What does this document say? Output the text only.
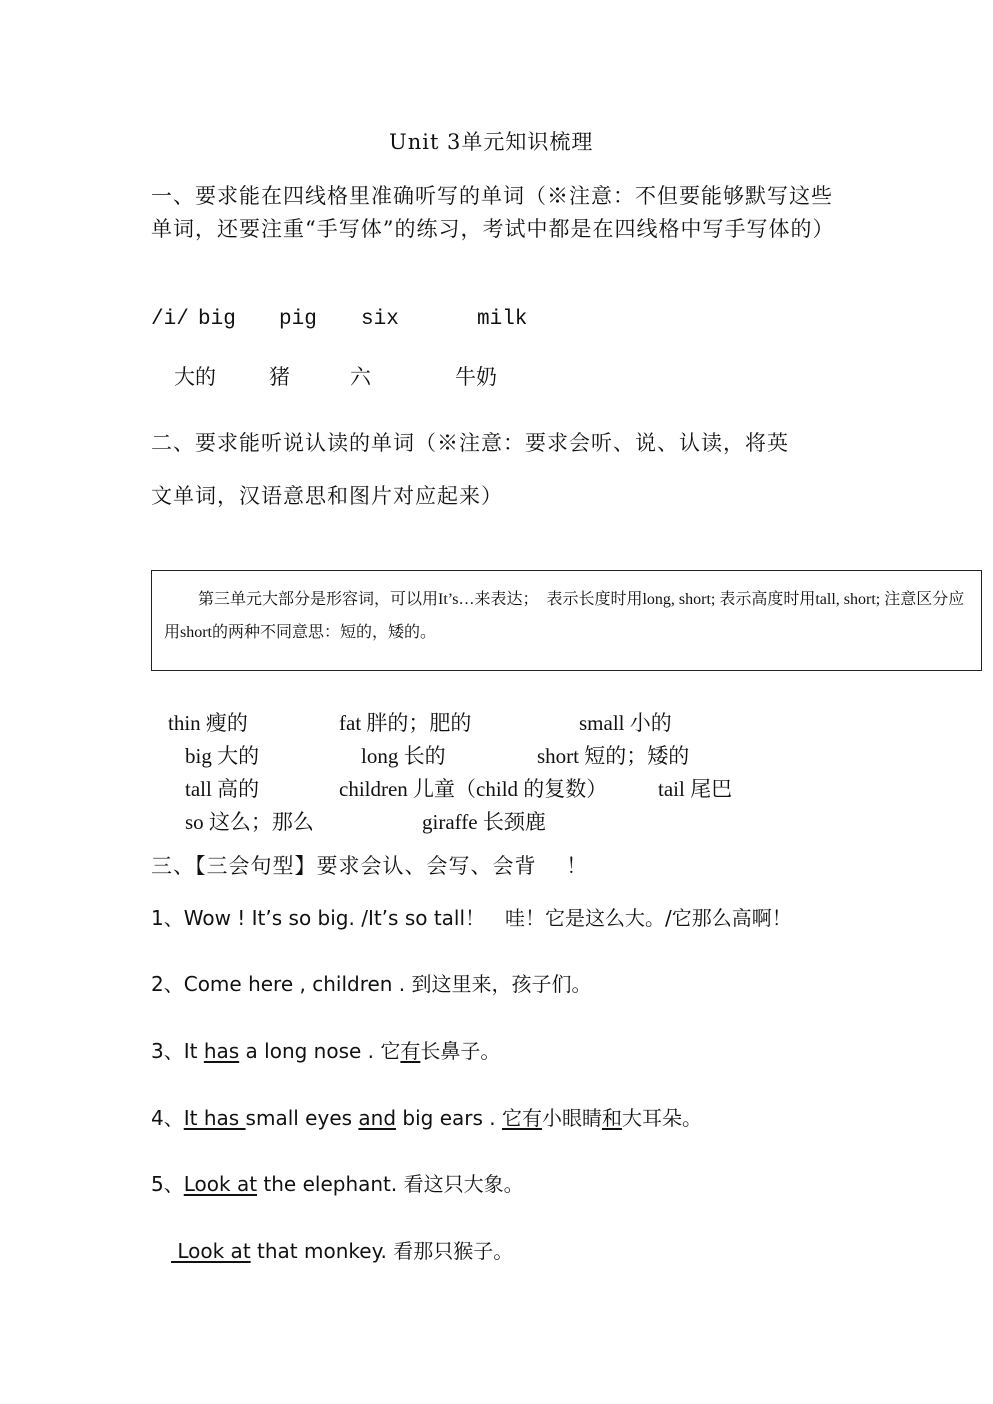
Unit 3单元知识梳理
一、要求能在四线格里准确听写的单词（※注意：不但要能够默写这些单词，还要注重“手写体”的练习，考试中都是在四线格中写手写体的）
/i/ big pig six	milk
大的	猪	六	牛奶
二、要求能听说认读的单词（※注意：要求会听、说、认读，将英
文单词，汉语意思和图片对应起来）
第三单元大部分是形容词，可以用It’s…来表达；　表示长度时用long, short; 表示高度时用tall, short; 注意区分应用short的两种不同意思：短的，矮的。
thin 瘦的	fat 胖的；肥的	small 小的
big 大的	long 长的	short 短的；矮的
tall 高的	children 儿童（child 的复数） tail 尾巴
so 这么；那么	giraffe 长颈鹿
三、【三会句型】要求会认、会写、会背　 ！
1、Wow ! It’s so big. /It’s so tall！　哇！它是这么大。/它那么高啊！
2、Come here , children . 到这里来，孩子们。
3、It has a long nose . 它有长鼻子。
4、It has small eyes and big ears . 它有小眼睛和大耳朵。
5、Look at the elephant. 看这只大象。
Look at that monkey. 看那只猴子。
